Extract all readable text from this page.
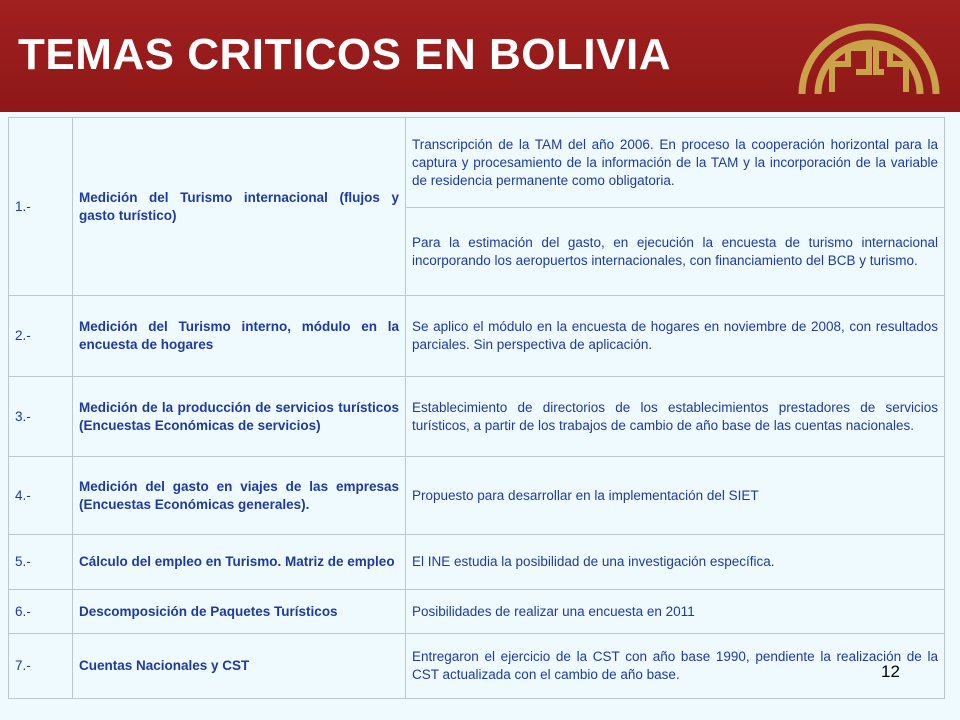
TEMAS CRITICOS EN BOLIVIA
1.-	Medición del Turismo internacional (flujos y gasto turístico)	Transcripción de la TAM del año 2006. En proceso la cooperación horizontal para la captura y procesamiento de la información de la TAM y la incorporación de la variable de residencia permanente como obligatoria.
		Para la estimación del gasto, en ejecución la encuesta de turismo internacional incorporando los aeropuertos internacionales, con financiamiento del BCB y turismo.
2.-	Medición del Turismo interno, módulo en la encuesta de hogares	Se aplico el módulo en la encuesta de hogares en noviembre de 2008, con resultados parciales. Sin perspectiva de aplicación.
3.-	Medición de la producción de servicios turísticos (Encuestas Económicas de servicios)	Establecimiento de directorios de los establecimientos prestadores de servicios turísticos, a partir de los trabajos de cambio de año base de las cuentas nacionales.
4.-	Medición del gasto en viajes de las empresas (Encuestas Económicas generales).	Propuesto para desarrollar en la implementación del SIET
5.-	Cálculo del empleo en Turismo. Matriz de empleo	El INE estudia la posibilidad de una investigación específica.
6.-	Descomposición de Paquetes Turísticos	Posibilidades de realizar una encuesta en 2011
7.-	Cuentas Nacionales y CST	Entregaron el ejercicio de la CST con año base 1990, pendiente la realización de la CST actualizada con el cambio de año base.	12
